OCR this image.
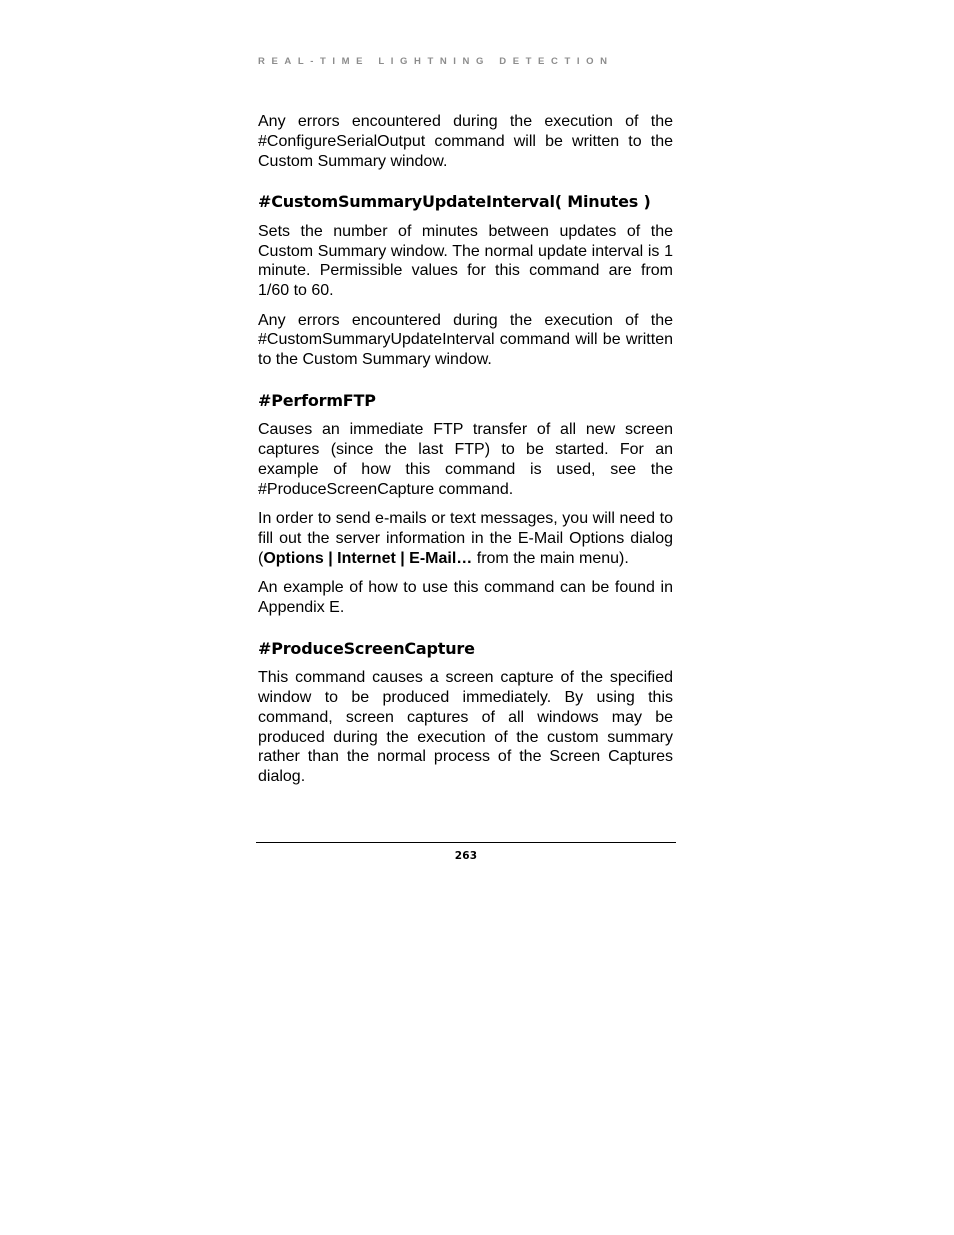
REAL-TIME LIGHTNING DETECTION

Any errors encountered during the execution of the #ConfigureSerialOutput command will be written to the Custom Summary window.

#CustomSummaryUpdateInterval( Minutes )

Sets the number of minutes between updates of the Custom Summary window. The normal update interval is 1 minute. Permissible values for this command are from 1/60 to 60.

Any errors encountered during the execution of the #CustomSummaryUpdateInterval command will be written to the Custom Summary window.

#PerformFTP

Causes an immediate FTP transfer of all new screen captures (since the last FTP) to be started. For an example of how this command is used, see the #ProduceScreenCapture command.

In order to send e-mails or text messages, you will need to fill out the server information in the E-Mail Options dialog (Options | Internet | E-Mail… from the main menu).

An example of how to use this command can be found in Appendix E.

#ProduceScreenCapture

This command causes a screen capture of the specified window to be produced immediately. By using this command, screen captures of all windows may be produced during the execution of the custom summary rather than the normal process of the Screen Captures dialog.

263
